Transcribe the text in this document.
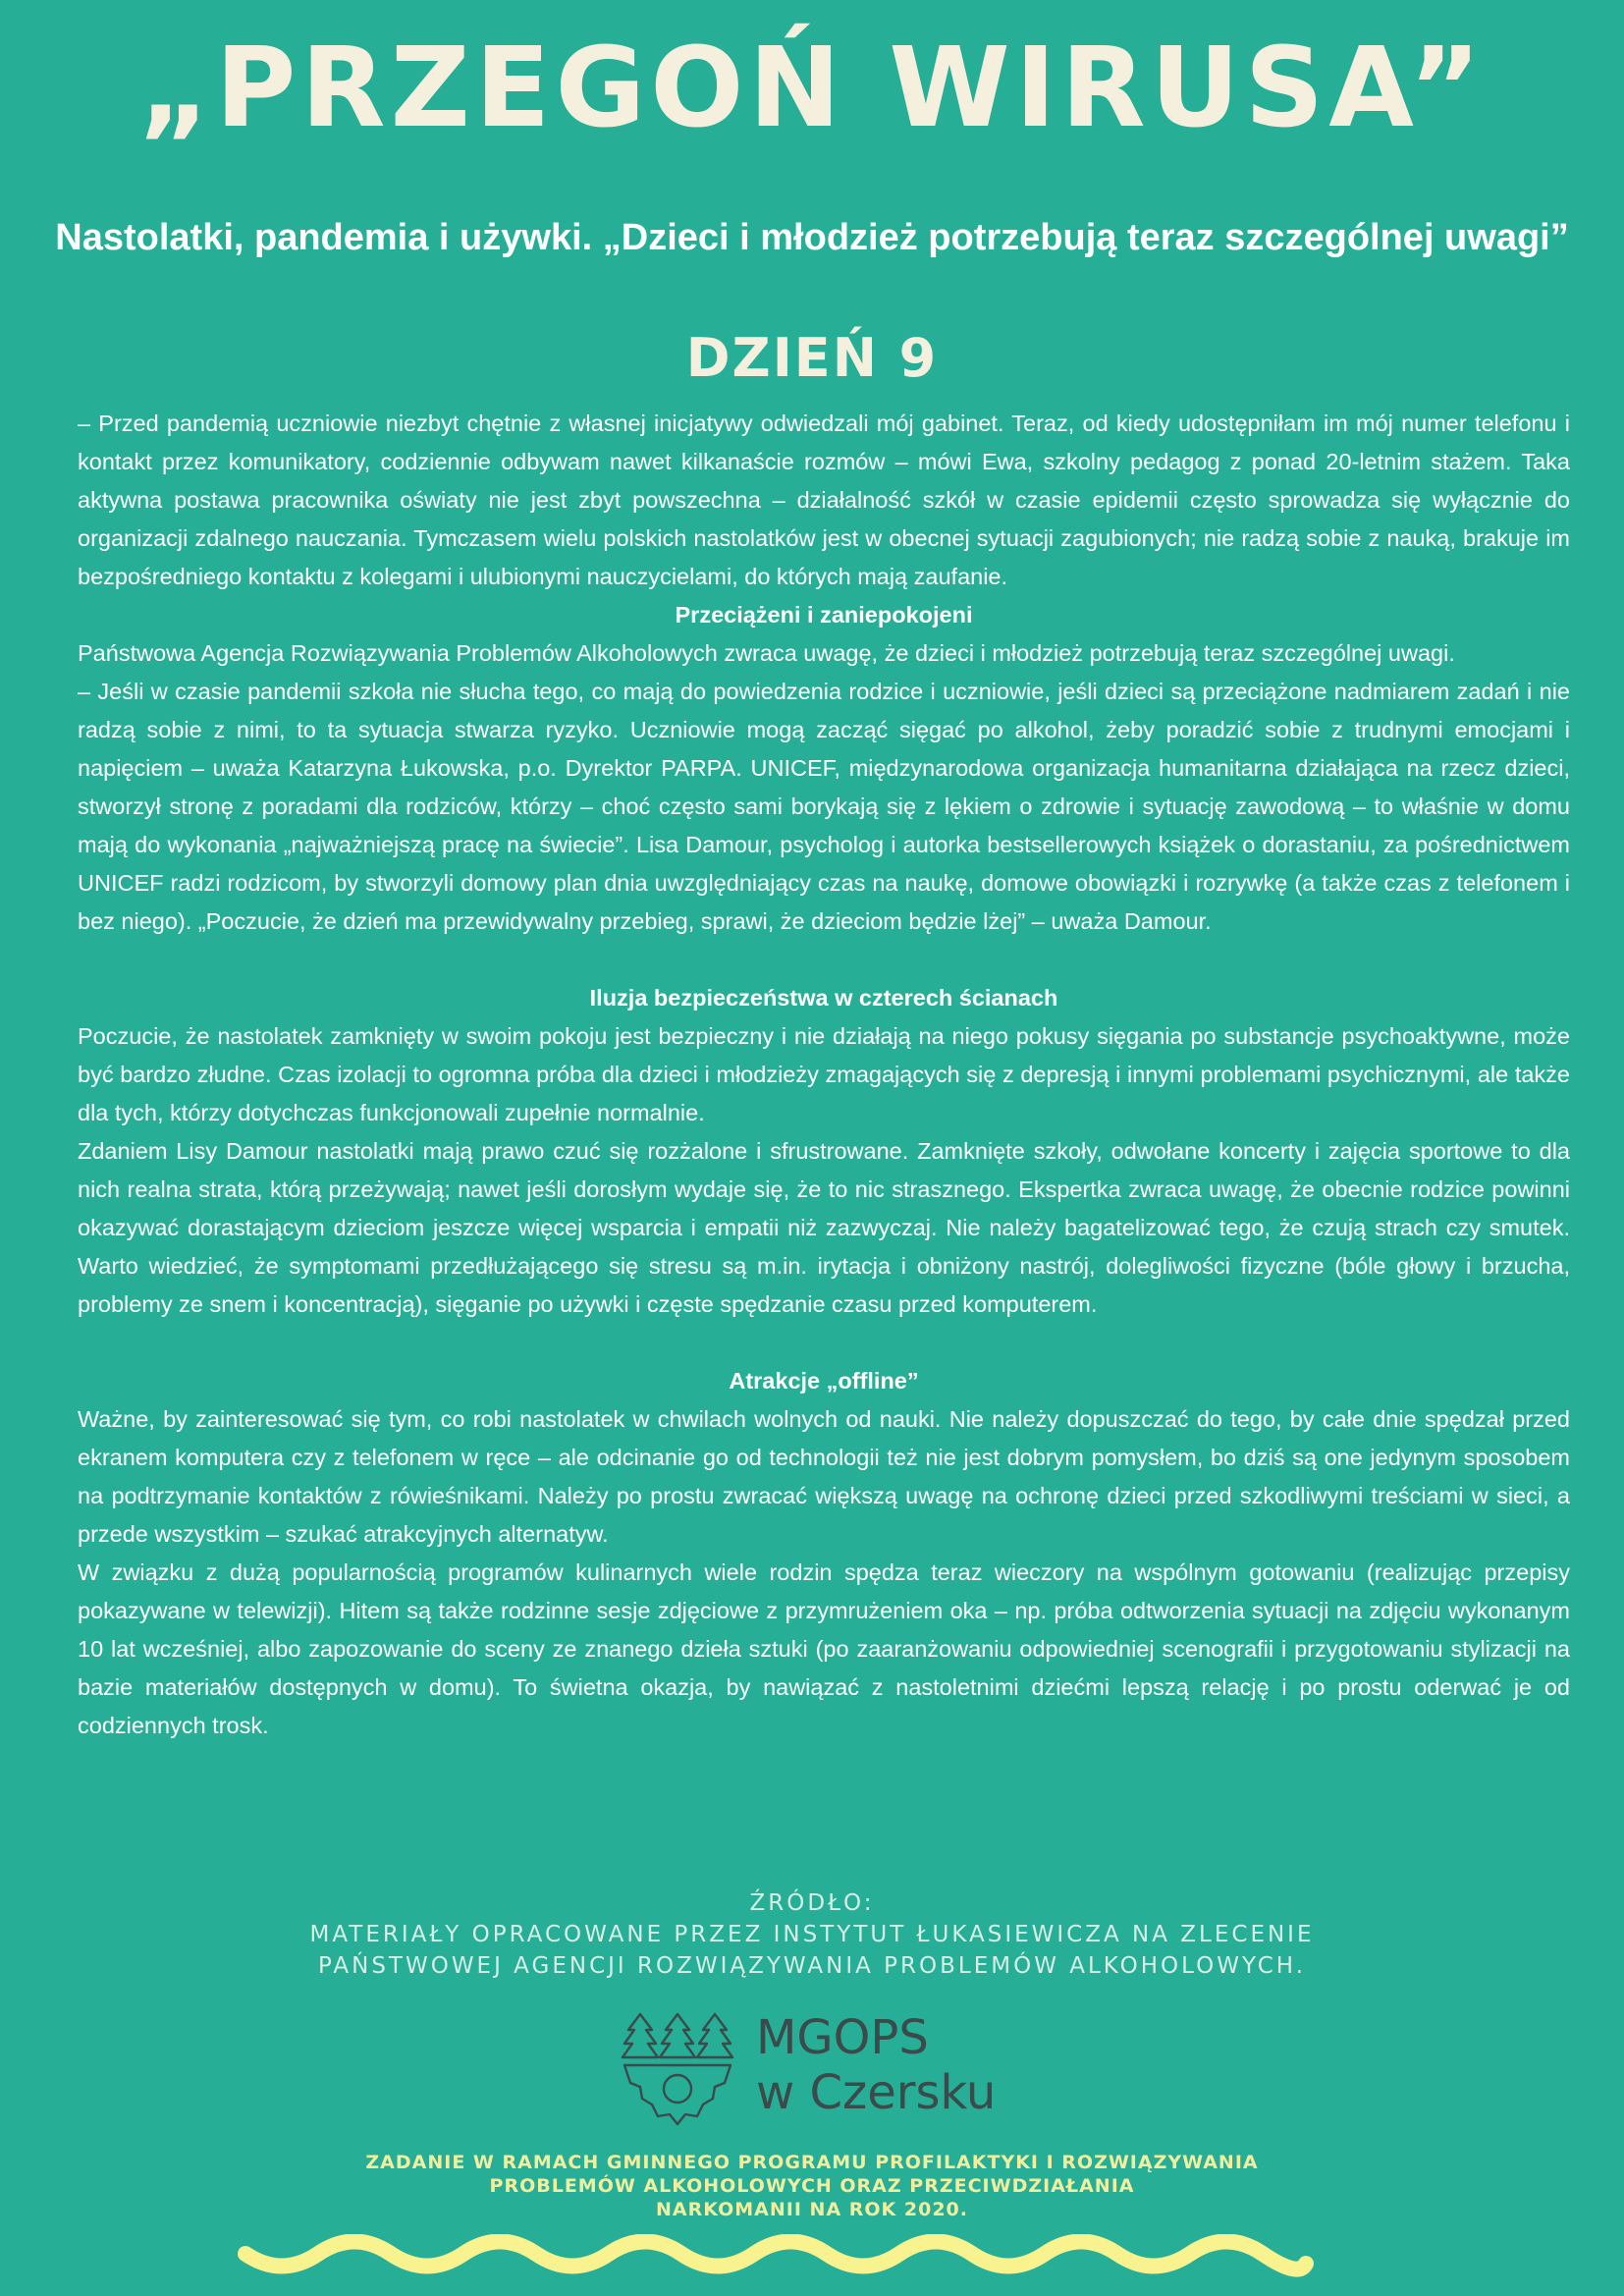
„PRZEGOŃ WIRUSA”
Nastolatki, pandemia i używki. „Dzieci i młodzież potrzebują teraz szczególnej uwagi”
DZIEŃ 9

– Przed pandemią uczniowie niezbyt chętnie z własnej inicjatywy odwiedzali mój gabinet. Teraz, od kiedy udostępniłam im mój numer telefonu i kontakt przez komunikatory, codziennie odbywam nawet kilkanaście rozmów – mówi Ewa, szkolny pedagog z ponad 20-letnim stażem. Taka aktywna postawa pracownika oświaty nie jest zbyt powszechna – działalność szkół w czasie epidemii często sprowadza się wyłącznie do organizacji zdalnego nauczania. Tymczasem wielu polskich nastolatków jest w obecnej sytuacji zagubionych; nie radzą sobie z nauką, brakuje im bezpośredniego kontaktu z kolegami i ulubionymi nauczycielami, do których mają zaufanie.

Przeciążeni i zaniepokojeni

Państwowa Agencja Rozwiązywania Problemów Alkoholowych zwraca uwagę, że dzieci i młodzież potrzebują teraz szczególnej uwagi.

– Jeśli w czasie pandemii szkoła nie słucha tego, co mają do powiedzenia rodzice i uczniowie, jeśli dzieci są przeciążone nadmiarem zadań i nie radzą sobie z nimi, to ta sytuacja stwarza ryzyko. Uczniowie mogą zacząć sięgać po alkohol, żeby poradzić sobie z trudnymi emocjami i napięciem – uważa Katarzyna Łukowska, p.o. Dyrektor PARPA. UNICEF, międzynarodowa organizacja humanitarna działająca na rzecz dzieci, stworzył stronę z poradami dla rodziców, którzy – choć często sami borykają się z lękiem o zdrowie i sytuację zawodową – to właśnie w domu mają do wykonania „najważniejszą pracę na świecie”. Lisa Damour, psycholog i autorka bestsellerowych książek o dorastaniu, za pośrednictwem UNICEF radzi rodzicom, by stworzyli domowy plan dnia uwzględniający czas na naukę, domowe obowiązki i rozrywkę (a także czas z telefonem i bez niego). „Poczucie, że dzień ma przewidywalny przebieg, sprawi, że dzieciom będzie lżej” – uważa Damour.

Iluzja bezpieczeństwa w czterech ścianach

Poczucie, że nastolatek zamknięty w swoim pokoju jest bezpieczny i nie działają na niego pokusy sięgania po substancje psychoaktywne, może być bardzo złudne. Czas izolacji to ogromna próba dla dzieci i młodzieży zmagających się z depresją i innymi problemami psychicznymi, ale także dla tych, którzy dotychczas funkcjonowali zupełnie normalnie.

Zdaniem Lisy Damour nastolatki mają prawo czuć się rozżalone i sfrustrowane. Zamknięte szkoły, odwołane koncerty i zajęcia sportowe to dla nich realna strata, którą przeżywają; nawet jeśli dorosłym wydaje się, że to nic strasznego. Ekspertka zwraca uwagę, że obecnie rodzice powinni okazywać dorastającym dzieciom jeszcze więcej wsparcia i empatii niż zazwyczaj. Nie należy bagatelizować tego, że czują strach czy smutek. Warto wiedzieć, że symptomami przedłużającego się stresu są m.in. irytacja i obniżony nastrój, dolegliwości fizyczne (bóle głowy i brzucha, problemy ze snem i koncentracją), sięganie po używki i częste spędzanie czasu przed komputerem.

Atrakcje „offline”

Ważne, by zainteresować się tym, co robi nastolatek w chwilach wolnych od nauki. Nie należy dopuszczać do tego, by całe dnie spędzał przed ekranem komputera czy z telefonem w ręce – ale odcinanie go od technologii też nie jest dobrym pomysłem, bo dziś są one jedynym sposobem na podtrzymanie kontaktów z rówieśnikami. Należy po prostu zwracać większą uwagę na ochronę dzieci przed szkodliwymi treściami w sieci, a przede wszystkim – szukać atrakcyjnych alternatyw.

W związku z dużą popularnością programów kulinarnych wiele rodzin spędza teraz wieczory na wspólnym gotowaniu (realizując przepisy pokazywane w telewizji). Hitem są także rodzinne sesje zdjęciowe z przymrużeniem oka – np. próba odtworzenia sytuacji na zdjęciu wykonanym 10 lat wcześniej, albo zapozowanie do sceny ze znanego dzieła sztuki (po zaaranżowaniu odpowiedniej scenografii i przygotowaniu stylizacji na bazie materiałów dostępnych w domu). To świetna okazja, by nawiązać z nastoletnimi dziećmi lepszą relację i po prostu oderwać je od codziennych trosk.

ŹRÓDŁO:
MATERIAŁY OPRACOWANE PRZEZ INSTYTUT ŁUKASIEWICZA NA ZLECENIE
PAŃSTWOWEJ AGENCJI ROZWIĄZYWANIA PROBLEMÓW ALKOHOLOWYCH.
MGOPS
w Czersku
ZADANIE W RAMACH GMINNEGO PROGRAMU PROFILAKTYKI I ROZWIĄZYWANIA
PROBLEMÓW ALKOHOLOWYCH ORAZ PRZECIWDZIAŁANIA
NARKOMANII NA ROK 2020.
